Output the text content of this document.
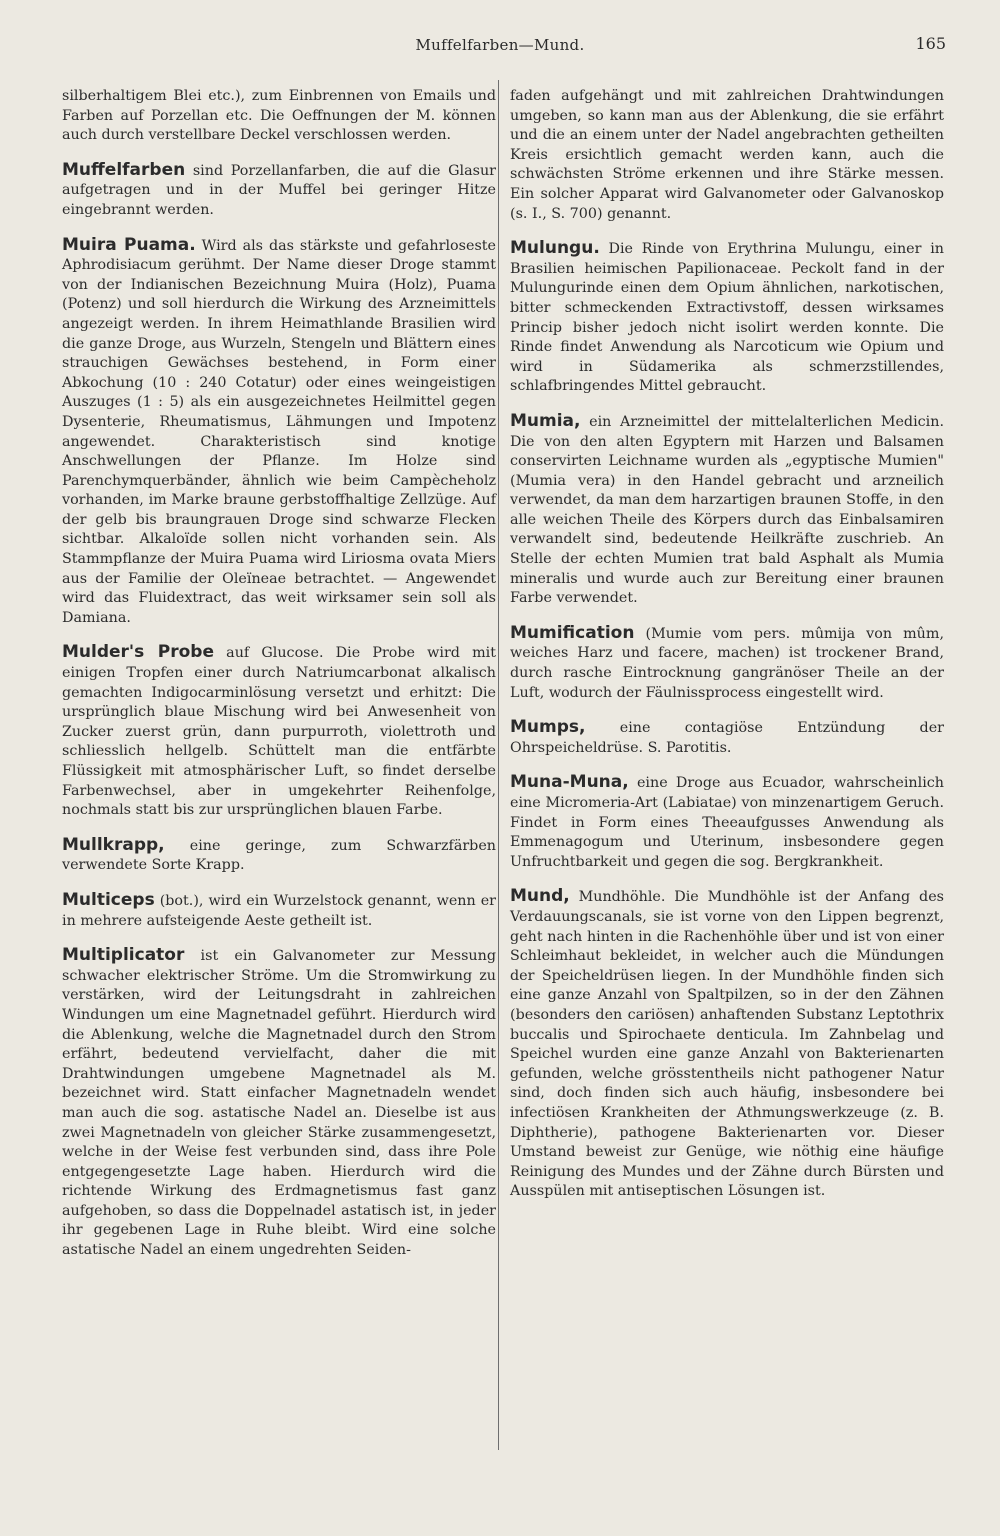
Muffelfarben—Mund.	165

silberhaltigem Blei etc.), zum Einbrennen von Emails und Farben auf Porzellan etc. Die Oeffnungen der M. können auch durch verstellbare Deckel verschlossen werden.

Muffelfarben sind Porzellanfarben, die auf die Glasur aufgetragen und in der Muffel bei geringer Hitze eingebrannt werden.

Muira Puama. Wird als das stärkste und gefahrloseste Aphrodisiacum gerühmt. Der Name dieser Droge stammt von der Indianischen Bezeichnung Muira (Holz), Puama (Potenz) und soll hierdurch die Wirkung des Arzneimittels angezeigt werden. In ihrem Heimathlande Brasilien wird die ganze Droge, aus Wurzeln, Stengeln und Blättern eines strauchigen Gewächses bestehend, in Form einer Abkochung (10 : 240 Cotatur) oder eines weingeistigen Auszuges (1 : 5) als ein ausgezeichnetes Heilmittel gegen Dysenterie, Rheumatismus, Lähmungen und Impotenz angewendet. Charakteristisch sind knotige Anschwellungen der Pflanze. Im Holze sind Parenchymquerbänder, ähnlich wie beim Campècheholz vorhanden, im Marke braune gerbstoffhaltige Zellzüge. Auf der gelb bis braungrauen Droge sind schwarze Flecken sichtbar. Alkaloïde sollen nicht vorhanden sein. Als Stammpflanze der Muira Puama wird Liriosma ovata Miers aus der Familie der Oleïneae betrachtet. — Angewendet wird das Fluidextract, das weit wirksamer sein soll als Damiana.

Mulder's Probe auf Glucose. Die Probe wird mit einigen Tropfen einer durch Natriumcarbonat alkalisch gemachten Indigocarminlösung versetzt und erhitzt: Die ursprünglich blaue Mischung wird bei Anwesenheit von Zucker zuerst grün, dann purpurroth, violettroth und schliesslich hellgelb. Schüttelt man die entfärbte Flüssigkeit mit atmosphärischer Luft, so findet derselbe Farbenwechsel, aber in umgekehrter Reihenfolge, nochmals statt bis zur ursprünglichen blauen Farbe.

Mullkrapp, eine geringe, zum Schwarzfärben verwendete Sorte Krapp.

Multiceps (bot.), wird ein Wurzelstock genannt, wenn er in mehrere aufsteigende Aeste getheilt ist.

Multiplicator ist ein Galvanometer zur Messung schwacher elektrischer Ströme. Um die Stromwirkung zu verstärken, wird der Leitungsdraht in zahlreichen Windungen um eine Magnetnadel geführt. Hierdurch wird die Ablenkung, welche die Magnetnadel durch den Strom erfährt, bedeutend vervielfacht, daher die mit Drahtwindungen umgebene Magnetnadel als M. bezeichnet wird. Statt einfacher Magnetnadeln wendet man auch die sog. astatische Nadel an. Dieselbe ist aus zwei Magnetnadeln von gleicher Stärke zusammengesetzt, welche in der Weise fest verbunden sind, dass ihre Pole entgegengesetzte Lage haben. Hierdurch wird die richtende Wirkung des Erdmagnetismus fast ganz aufgehoben, so dass die Doppelnadel astatisch ist, in jeder ihr gegebenen Lage in Ruhe bleibt. Wird eine solche astatische Nadel an einem ungedrehten Seiden-

faden aufgehängt und mit zahlreichen Drahtwindungen umgeben, so kann man aus der Ablenkung, die sie erfährt und die an einem unter der Nadel angebrachten getheilten Kreis ersichtlich gemacht werden kann, auch die schwächsten Ströme erkennen und ihre Stärke messen. Ein solcher Apparat wird Galvanometer oder Galvanoskop (s. I., S. 700) genannt.

Mulungu. Die Rinde von Erythrina Mulungu, einer in Brasilien heimischen Papilionaceae. Peckolt fand in der Mulungurinde einen dem Opium ähnlichen, narkotischen, bitter schmeckenden Extractivstoff, dessen wirksames Princip bisher jedoch nicht isolirt werden konnte. Die Rinde findet Anwendung als Narcoticum wie Opium und wird in Südamerika als schmerzstillendes, schlafbringendes Mittel gebraucht.

Mumia, ein Arzneimittel der mittelalterlichen Medicin. Die von den alten Egyptern mit Harzen und Balsamen conservirten Leichname wurden als „egyptische Mumien" (Mumia vera) in den Handel gebracht und arzneilich verwendet, da man dem harzartigen braunen Stoffe, in den alle weichen Theile des Körpers durch das Einbalsamiren verwandelt sind, bedeutende Heilkräfte zuschrieb. An Stelle der echten Mumien trat bald Asphalt als Mumia mineralis und wurde auch zur Bereitung einer braunen Farbe verwendet.

Mumification (Mumie vom pers. mûmija von mûm, weiches Harz und facere, machen) ist trockener Brand, durch rasche Eintrocknung gangränöser Theile an der Luft, wodurch der Fäulnissprocess eingestellt wird.

Mumps, eine contagiöse Entzündung der Ohrspeicheldrüse. S. Parotitis.

Muna-Muna, eine Droge aus Ecuador, wahrscheinlich eine Micromeria-Art (Labiatae) von minzenartigem Geruch. Findet in Form eines Theeaufgusses Anwendung als Emmenagogum und Uterinum, insbesondere gegen Unfruchtbarkeit und gegen die sog. Bergkrankheit.

Mund, Mundhöhle. Die Mundhöhle ist der Anfang des Verdauungscanals, sie ist vorne von den Lippen begrenzt, geht nach hinten in die Rachenhöhle über und ist von einer Schleimhaut bekleidet, in welcher auch die Mündungen der Speicheldrüsen liegen. In der Mundhöhle finden sich eine ganze Anzahl von Spaltpilzen, so in der den Zähnen (besonders den cariösen) anhaftenden Substanz Leptothrix buccalis und Spirochaete denticula. Im Zahnbelag und Speichel wurden eine ganze Anzahl von Bakterienarten gefunden, welche grösstentheils nicht pathogener Natur sind, doch finden sich auch häufig, insbesondere bei infectiösen Krankheiten der Athmungswerkzeuge (z. B. Diphtherie), pathogene Bakterienarten vor. Dieser Umstand beweist zur Genüge, wie nöthig eine häufige Reinigung des Mundes und der Zähne durch Bürsten und Ausspülen mit antiseptischen Lösungen ist.
